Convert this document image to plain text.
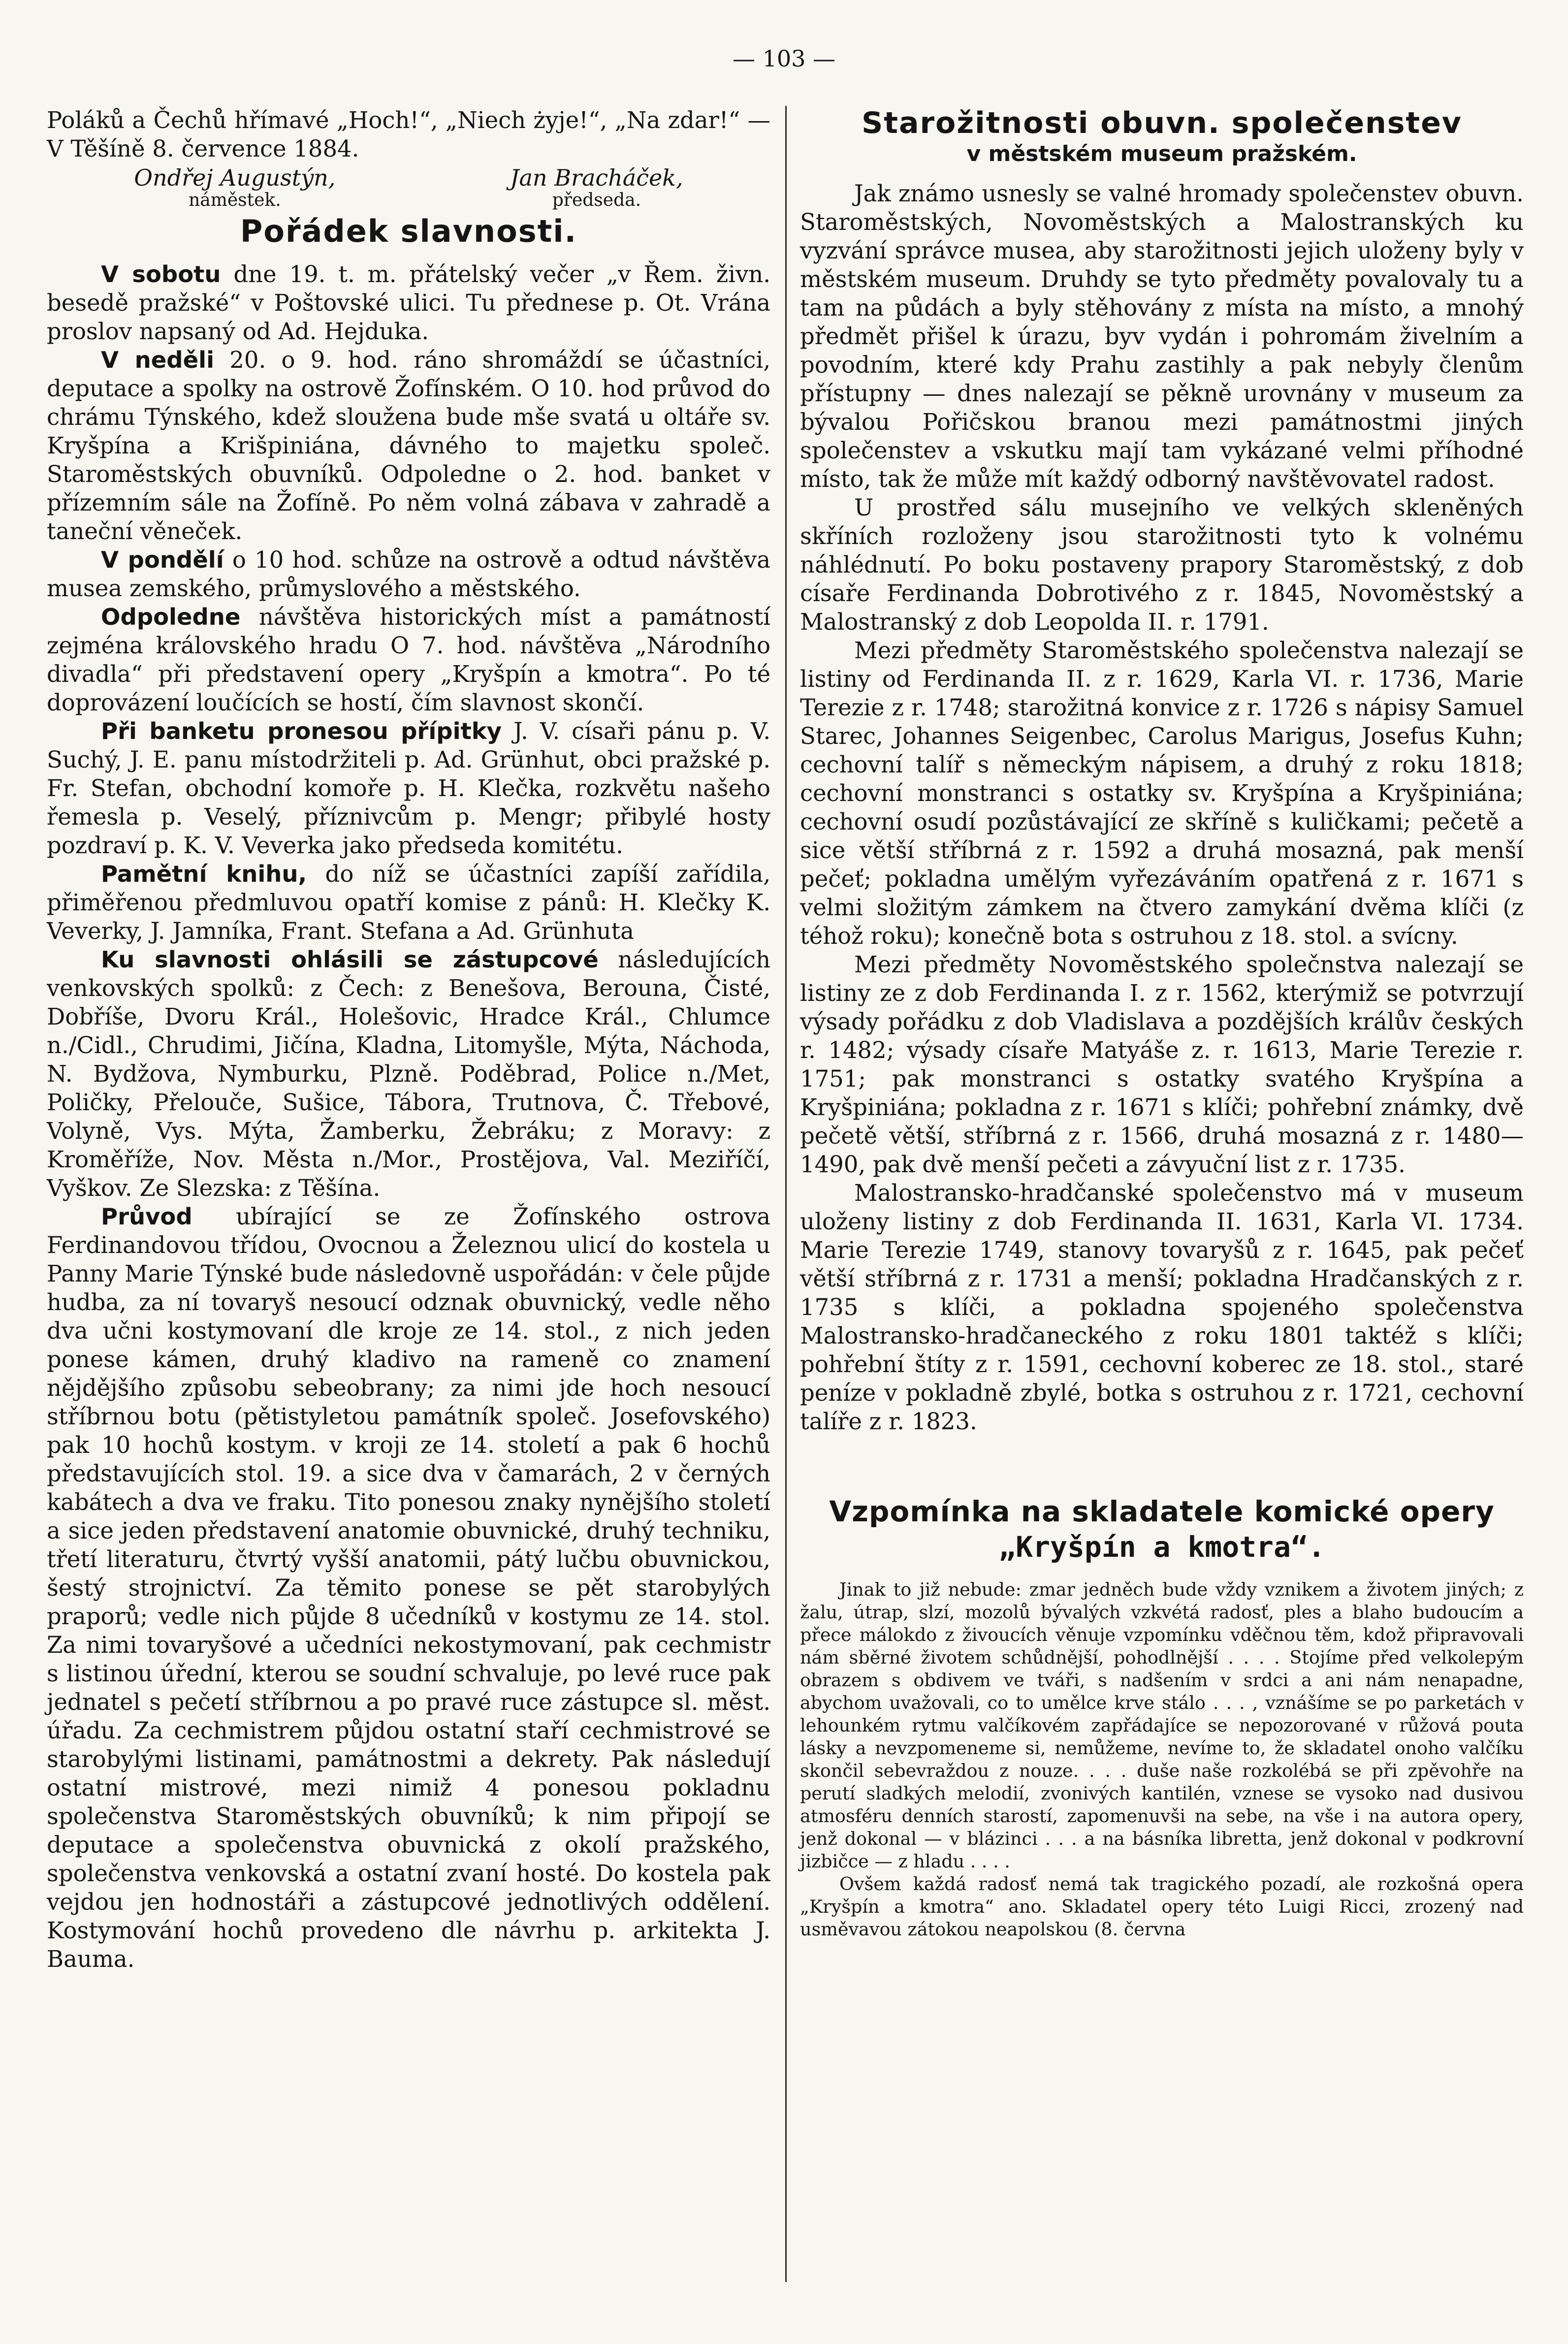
— 103 —

Poláků a Čechů hřímavé „Hoch!“, „Niech żyje!“, „Na zdar!“ — V Těšíně 8. července 1884.

Ondřej Augustýn,
náměstek.
Jan Bracháček,
předseda.
Pořádek slavnosti.

V sobotu dne 19. t. m. přátelský večer „v Řem. živn. besedě pražské“ v Poštovské ulici. Tu přednese p. Ot. Vrána proslov napsaný od Ad. Hejduka.

V neděli 20. o 9. hod. ráno shromáždí se účastníci, deputace a spolky na ostrově Žofínském. O 10. hod průvod do chrámu Týnského, kdež sloužena bude mše svatá u oltáře sv. Kryšpína a Krišpiniána, dávného to majetku společ. Staroměstských obuvníků. Odpoledne o 2. hod. banket v přízemním sále na Žofíně. Po něm volná zábava v zahradě a taneční věneček.

V pondělí o 10 hod. schůze na ostrově a odtud návštěva musea zemského, průmyslového a městského.

Odpoledne návštěva historických míst a památností zejména královského hradu O 7. hod. návštěva „Národního divadla“ při představení opery „Kryšpín a kmotra“. Po té doprovázení loučících se hostí, čím slavnost skončí.

Při banketu pronesou přípitky J. V. císaři pánu p. V. Suchý, J. E. panu místodržiteli p. Ad. Grünhut, obci pražské p. Fr. Stefan, obchodní komoře p. H. Klečka, rozkvětu našeho řemesla p. Veselý, příznivcům p. Mengr; přibylé hosty pozdraví p. K. V. Veverka jako předseda komitétu.

Pamětní knihu, do níž se účastníci zapíší zařídila, přiměřenou předmluvou opatří komise z pánů: H. Klečky K. Veverky, J. Jamníka, Frant. Stefana a Ad. Grünhuta

Ku slavnosti ohlásili se zástupcové následujících venkovských spolků: z Čech: z Benešova, Berouna, Čisté, Dobříše, Dvoru Král., Holešovic, Hradce Král., Chlumce n./Cidl., Chrudimi, Jičína, Kladna, Litomyšle, Mýta, Náchoda, N. Bydžova, Nymburku, Plzně. Poděbrad, Police n./Met, Poličky, Přelouče, Sušice, Tábora, Trutnova, Č. Třebové, Volyně, Vys. Mýta, Žamberku, Žebráku; z Moravy: z Kroměříže, Nov. Města n./Mor., Prostějova, Val. Meziříčí, Vyškov. Ze Slezska: z Těšína.

Průvod ubírající se ze Žofínského ostrova Ferdinandovou třídou, Ovocnou a Železnou ulicí do kostela u Panny Marie Týnské bude následovně uspořádán: v čele půjde hudba, za ní tovaryš nesoucí odznak obuvnický, vedle něho dva učni kostymovaní dle kroje ze 14. stol., z nich jeden ponese kámen, druhý kladivo na rameně co znamení nějdějšího způsobu sebeobrany; za nimi jde hoch nesoucí stříbrnou botu (pětistyletou památník společ. Josefovského) pak 10 hochů kostym. v kroji ze 14. století a pak 6 hochů představujících stol. 19. a sice dva v čamarách, 2 v černých kabátech a dva ve fraku. Tito ponesou znaky nynějšího století a sice jeden představení anatomie obuvnické, druhý techniku, třetí literaturu, čtvrtý vyšší anatomii, pátý lučbu obuvnickou, šestý strojnictví. Za těmito ponese se pět starobylých praporů; vedle nich půjde 8 učedníků v kostymu ze 14. stol. Za nimi tovaryšové a učedníci nekostymovaní, pak cechmistr s listinou úřední, kterou se soudní schvaluje, po levé ruce pak jednatel s pečetí stříbrnou a po pravé ruce zástupce sl. měst. úřadu. Za cechmistrem půjdou ostatní staří cechmistrové se starobylými listinami, památnostmi a dekrety. Pak následují ostatní mistrové, mezi nimiž 4 ponesou pokladnu společenstva Staroměstských obuvníků; k nim připojí se deputace a společenstva obuvnická z okolí pražského, společenstva venkovská a ostatní zvaní hosté. Do kostela pak vejdou jen hodnostáři a zástupcové jednotlivých oddělení. Kostymování hochů provedeno dle návrhu p. arkitekta J. Bauma.

Starožitnosti obuvn. společenstev
v městském museum pražském.

Jak známo usnesly se valné hromady společenstev obuvn. Staroměstských, Novoměstských a Malostranských ku vyzvání správce musea, aby starožitnosti jejich uloženy byly v městském museum. Druhdy se tyto předměty povalovaly tu a tam na půdách a byly stěhovány z místa na místo, a mnohý předmět přišel k úrazu, byv vydán i pohromám živelním a povodním, které kdy Prahu zastihly a pak nebyly členům přístupny — dnes nalezají se pěkně urovnány v museum za bývalou Pořičskou branou mezi památnostmi jiných společenstev a vskutku mají tam vykázané velmi příhodné místo, tak že může mít každý odborný navštěvovatel radost.

U prostřed sálu musejního ve velkých skleněných skříních rozloženy jsou starožitnosti tyto k volnému náhlédnutí. Po boku postaveny prapory Staroměstský, z dob císaře Ferdinanda Dobrotivého z r. 1845, Novoměstský a Malostranský z dob Leopolda II. r. 1791.

Mezi předměty Staroměstského společenstva nalezají se listiny od Ferdinanda II. z r. 1629, Karla VI. r. 1736, Marie Terezie z r. 1748; starožitná konvice z r. 1726 s nápisy Samuel Starec, Johannes Seigenbec, Carolus Marigus, Josefus Kuhn; cechovní talíř s německým nápisem, a druhý z roku 1818; cechovní monstranci s ostatky sv. Kryšpína a Kryšpiniána; cechovní osudí pozůstávající ze skříně s kuličkami; pečetě a sice větší stříbrná z r. 1592 a druhá mosazná, pak menší pečeť; pokladna umělým vyřezáváním opatřená z r. 1671 s velmi složitým zámkem na čtvero zamykání dvěma klíči (z téhož roku); konečně bota s ostruhou z 18. stol. a svícny.

Mezi předměty Novoměstského společnstva nalezají se listiny ze z dob Ferdinanda I. z r. 1562, kterýmiž se potvrzují výsady pořádku z dob Vladislava a pozdějších králův českých r. 1482; výsady císaře Matyáše z. r. 1613, Marie Terezie r. 1751; pak monstranci s ostatky svatého Kryšpína a Kryšpiniána; pokladna z r. 1671 s klíči; pohřební známky, dvě pečetě větší, stříbrná z r. 1566, druhá mosazná z r. 1480—1490, pak dvě menší pečeti a závyuční list z r. 1735.

Malostransko-hradčanské společenstvo má v museum uloženy listiny z dob Ferdinanda II. 1631, Karla VI. 1734. Marie Terezie 1749, stanovy tovaryšů z r. 1645, pak pečeť větší stříbrná z r. 1731 a menší; pokladna Hradčanských z r. 1735 s klíči, a pokladna spojeného společenstva Malostransko-hradčaneckého z roku 1801 taktéž s klíči; pohřební štíty z r. 1591, cechovní koberec ze 18. stol., staré peníze v pokladně zbylé, botka s ostruhou z r. 1721, cechovní talíře z r. 1823.

Vzpomínka na skladatele komické opery
„Kryšpín a kmotra“.

Jinak to již nebude: zmar jedněch bude vždy vznikem a životem jiných; z žalu, útrap, slzí, mozolů bývalých vzkvétá radosť, ples a blaho budoucím a přece málokdo z živoucích věnuje vzpomínku vděčnou těm, kdož připravovali nám sběrné životem schůdnější, pohodlnější . . . . Stojíme před velkolepým obrazem s obdivem ve tváři, s nadšením v srdci a ani nám nenapadne, abychom uvažovali, co to umělce krve stálo . . . , vznášíme se po parketách v lehounkém rytmu valčíkovém zapřádajíce se nepozorované v růžová pouta lásky a nevzpomeneme si, nemůžeme, nevíme to, že skladatel onoho valčíku skončil sebevraždou z nouze. . . . duše naše rozkolébá se při zpěvohře na perutí sladkých melodií, zvonivých kantilén, vznese se vysoko nad dusivou atmosféru denních starostí, zapomenuvši na sebe, na vše i na autora opery, jenž dokonal — v blázinci . . . a na básníka libretta, jenž dokonal v podkrovní jizbičce — z hladu . . . .

Ovšem každá radosť nemá tak tragického pozadí, ale rozkošná opera „Kryšpín a kmotra“ ano. Skladatel opery této Luigi Ricci, zrozený nad usměvavou zátokou neapolskou (8. června
